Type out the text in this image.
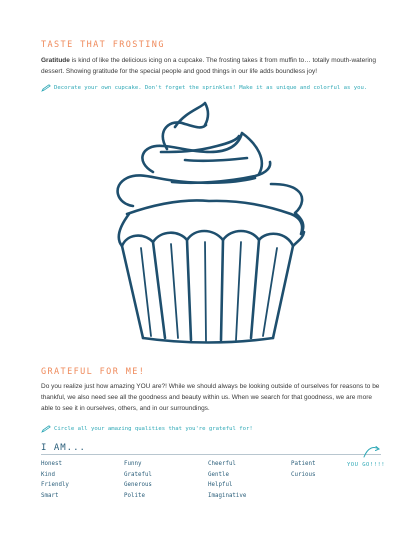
TASTE THAT FROSTING

Gratitude is kind of like the delicious icing on a cupcake. The frosting takes it from muffin to… totally mouth-watering dessert. Showing gratitude for the special people and good things in our life adds boundless joy!

Decorate your own cupcake. Don't forget the sprinkles! Make it as unique and colorful as you.
GRATEFUL FOR ME!

Do you realize just how amazing YOU are?! While we should always be looking outside of ourselves for reasons to be thankful, we also need see all the goodness and beauty within us. When we search for that goodness, we are more able to see it in ourselves, others, and in our surroundings.

Circle all your amazing qualities that you're grateful for!
I AM...
Honest
Kind
Friendly
Smart
Funny
Grateful
Generous
Polite
Cheerful
Gentle
Helpful
Imaginative
Patient
Curious
YOU GO!!!!
